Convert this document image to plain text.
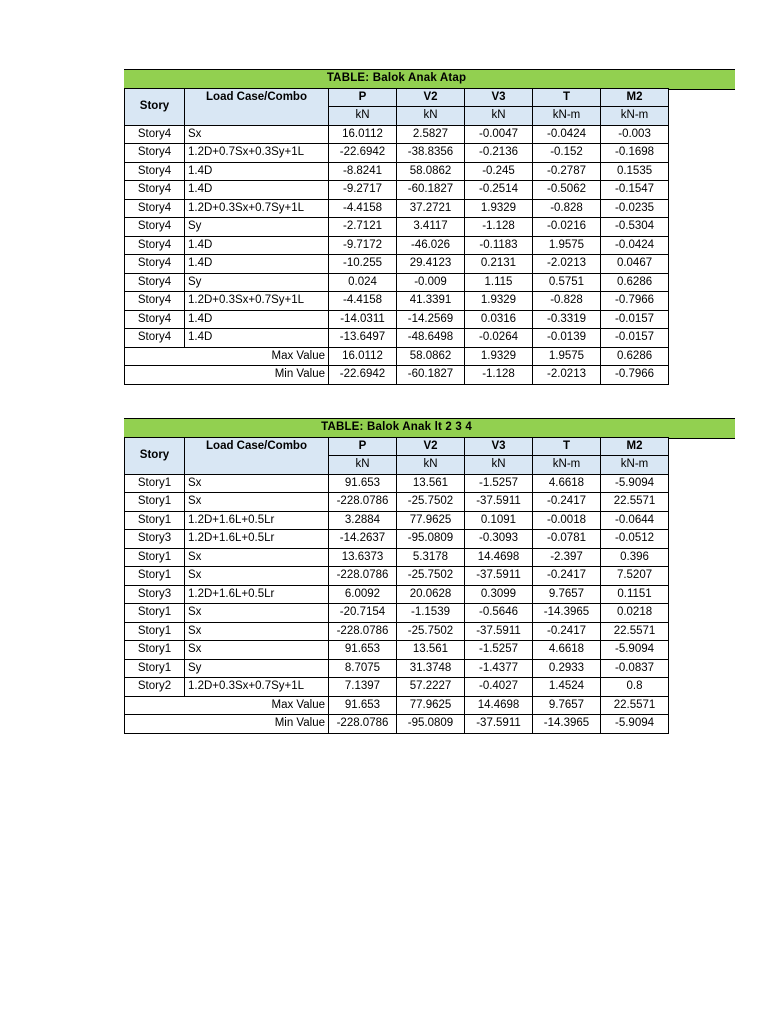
TABLE: Balok Anak Atap						
Story	Load Case/Combo	P	V2	V3	T	M2
		kN	kN	kN	kN-m	kN-m
Story4	Sx	16.0112	2.5827	-0.0047	-0.0424	-0.003
Story4	1.2D+0.7Sx+0.3Sy+1L	-22.6942	-38.8356	-0.2136	-0.152	-0.1698
Story4	1.4D	-8.8241	58.0862	-0.245	-0.2787	0.1535
Story4	1.4D	-9.2717	-60.1827	-0.2514	-0.5062	-0.1547
Story4	1.2D+0.3Sx+0.7Sy+1L	-4.4158	37.2721	1.9329	-0.828	-0.0235
Story4	Sy	-2.7121	3.4117	-1.128	-0.0216	-0.5304
Story4	1.4D	-9.7172	-46.026	-0.1183	1.9575	-0.0424
Story4	1.4D	-10.255	29.4123	0.2131	-2.0213	0.0467
Story4	Sy	0.024	-0.009	1.115	0.5751	0.6286
Story4	1.2D+0.3Sx+0.7Sy+1L	-4.4158	41.3391	1.9329	-0.828	-0.7966
Story4	1.4D	-14.0311	-14.2569	0.0316	-0.3319	-0.0157
Story4	1.4D	-13.6497	-48.6498	-0.0264	-0.0139	-0.0157
Max Value		16.0112	58.0862	1.9329	1.9575	0.6286
Min Value		-22.6942	-60.1827	-1.128	-2.0213	-0.7966
TABLE: Balok Anak lt 2 3 4						
Story	Load Case/Combo	P	V2	V3	T	M2
		kN	kN	kN	kN-m	kN-m
Story1	Sx	91.653	13.561	-1.5257	4.6618	-5.9094
Story1	Sx	-228.0786	-25.7502	-37.5911	-0.2417	22.5571
Story1	1.2D+1.6L+0.5Lr	3.2884	77.9625	0.1091	-0.0018	-0.0644
Story3	1.2D+1.6L+0.5Lr	-14.2637	-95.0809	-0.3093	-0.0781	-0.0512
Story1	Sx	13.6373	5.3178	14.4698	-2.397	0.396
Story1	Sx	-228.0786	-25.7502	-37.5911	-0.2417	7.5207
Story3	1.2D+1.6L+0.5Lr	6.0092	20.0628	0.3099	9.7657	0.1151
Story1	Sx	-20.7154	-1.1539	-0.5646	-14.3965	0.0218
Story1	Sx	-228.0786	-25.7502	-37.5911	-0.2417	22.5571
Story1	Sx	91.653	13.561	-1.5257	4.6618	-5.9094
Story1	Sy	8.7075	31.3748	-1.4377	0.2933	-0.0837
Story2	1.2D+0.3Sx+0.7Sy+1L	7.1397	57.2227	-0.4027	1.4524	0.8
Max Value		91.653	77.9625	14.4698	9.7657	22.5571
Min Value		-228.0786	-95.0809	-37.5911	-14.3965	-5.9094
